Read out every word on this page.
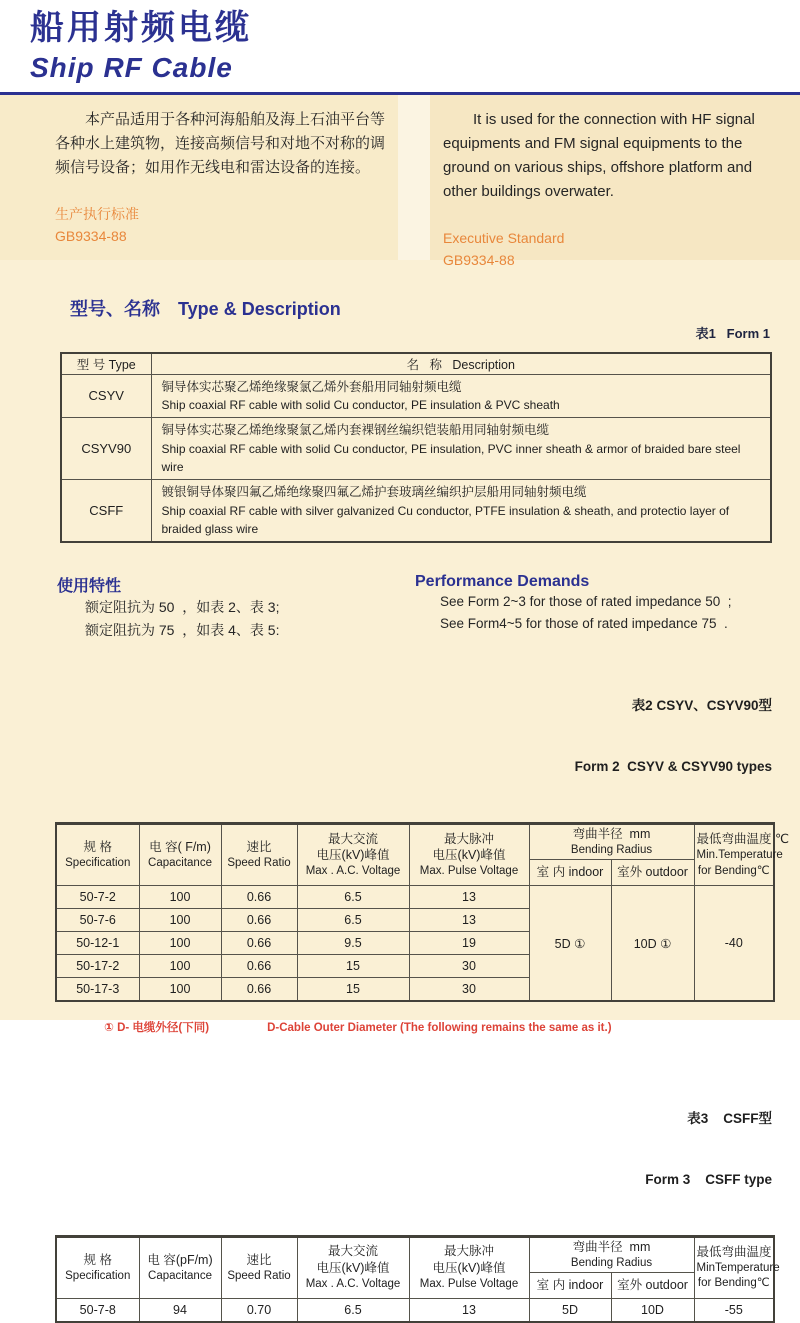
船用射频电缆
Ship RF Cable
本产品适用于各种河海船舶及海上石油平台等各种水上建筑物，连接高频信号和对地不对称的调频信号设备；如用作无线电和雷达设备的连接。
生产执行标准
GB9334-88
It is used for the connection with HF signal equipments and FM signal equipments to the ground on various ships, offshore platform and other buildings overwater.
Executive Standard
GB9334-88

型号、名称 Type & Description

表1   Form 1
型 号 Type	名   称   Description
CSYV	铜导体实芯聚乙烯绝缘聚氯乙烯外套船用同轴射频电缆
Ship coaxial RF cable with solid Cu conductor, PE insulation & PVC sheath

CSYV90	铜导体实芯聚乙烯绝缘聚氯乙烯内套裸钢丝编织铠装船用同轴射频电缆
Ship coaxial RF cable with solid Cu conductor, PE insulation, PVC inner sheath & armor of braided bare steel wire

CSFF	镀银铜导体聚四氟乙烯绝缘聚四氟乙烯护套玻璃丝编织护层船用同轴射频电缆
Ship coaxial RF cable with silver galvanized Cu conductor, PTFE insulation & sheath, and protectio layer of braided glass wire
使用特性
额定阻抗为 50  ，如表 2、表 3;
额定阻抗为 75  ，如表 4、表 5:
Performance Demands
See Form 2~3 for those of rated impedance 50  ;
See Form4~5 for those of rated impedance 75  .

表2 CSYV、CSYV90型

Form 2  CSYV & CSYV90 types

规 格
Specification

电 容( F/m)
Capacitance

速比
Speed Ratio

最大交流
电压(kV)峰值
Max . A.C. Voltage

最大脉冲
电压(kV)峰值
Max. Pulse Voltage

弯曲半径  mm
Bending Radius

最低弯曲温度 ℃
Min.Temperature
for Bending℃

					室 内 indoor	室外 outdoor	

50-7-2	100	0.66	6.5	13	5D ①	10D ①	-40
50-7-6	100	0.66	6.5	13			
50-12-1	100	0.66	9.5	19			
50-17-2	100	0.66	15	30			
50-17-3	100	0.66	15	30			

① D- 电缆外径(下同)	D-Cable Outer Diameter (The following remains the same as it.)

表3    CSFF型

Form 3    CSFF type

规 格
Specification

电 容(pF/m)
Capacitance

速比
Speed Ratio

最大交流
电压(kV)峰值
Max . A.C. Voltage

最大脉冲
电压(kV)峰值
Max. Pulse Voltage

弯曲半径  mm
Bending Radius

最低弯曲温度
MinTemperature
for Bending℃

					室 内 indoor	室外 outdoor	

50-7-8	94	0.70	6.5	13	5D	10D	-55
